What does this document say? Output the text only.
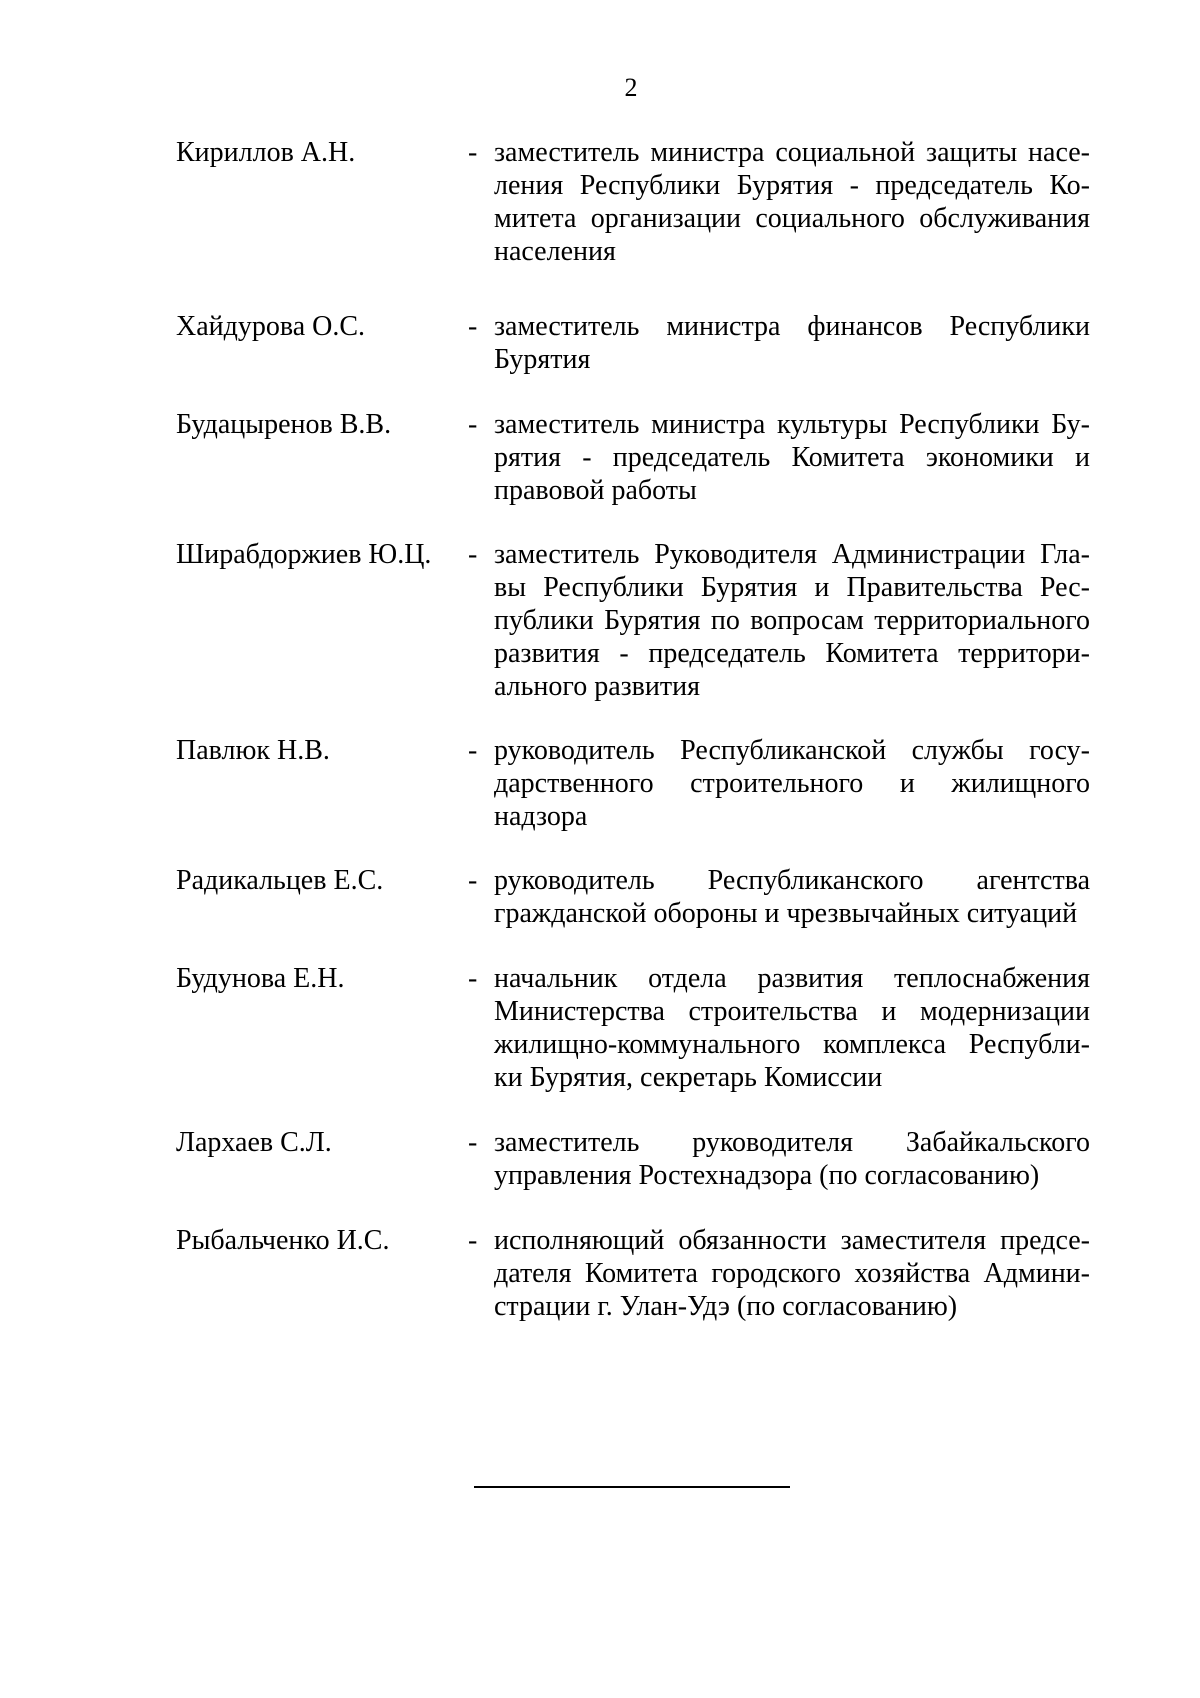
2
Кириллов А.Н.	- заместитель министра социальной защиты насе-
ления Республики Бурятия - председатель Ко-
митета организации социального обслуживания
населения
Хайдурова О.С.	- заместитель министра финансов Республики
Бурятия
Будацыренов В.В.	- заместитель министра культуры Республики Бу-
рятия - председатель Комитета экономики и
правовой работы
Ширабдоржиев Ю.Ц. - заместитель Руководителя Администрации Гла-
вы Республики Бурятия и Правительства Рес-
публики Бурятия по вопросам территориального
развития - председатель Комитета территори-
ального развития
Павлюк Н.В.	- руководитель Республиканской службы госу-
дарственного строительного и жилищного
надзора
Радикальцев Е.С.	- руководитель Республиканского агентства
гражданской обороны и чрезвычайных ситуаций
Будунова Е.Н.	- начальник отдела развития теплоснабжения
Министерства строительства и модернизации
жилищно-коммунального комплекса Республи-
ки Бурятия, секретарь Комиссии
Лархаев С.Л.	- заместитель руководителя Забайкальского
управления Ростехнадзора (по согласованию)
Рыбальченко И.С.	- исполняющий обязанности заместителя предсе-
дателя Комитета городского хозяйства Админи-
страции г. Улан-Удэ (по согласованию)
